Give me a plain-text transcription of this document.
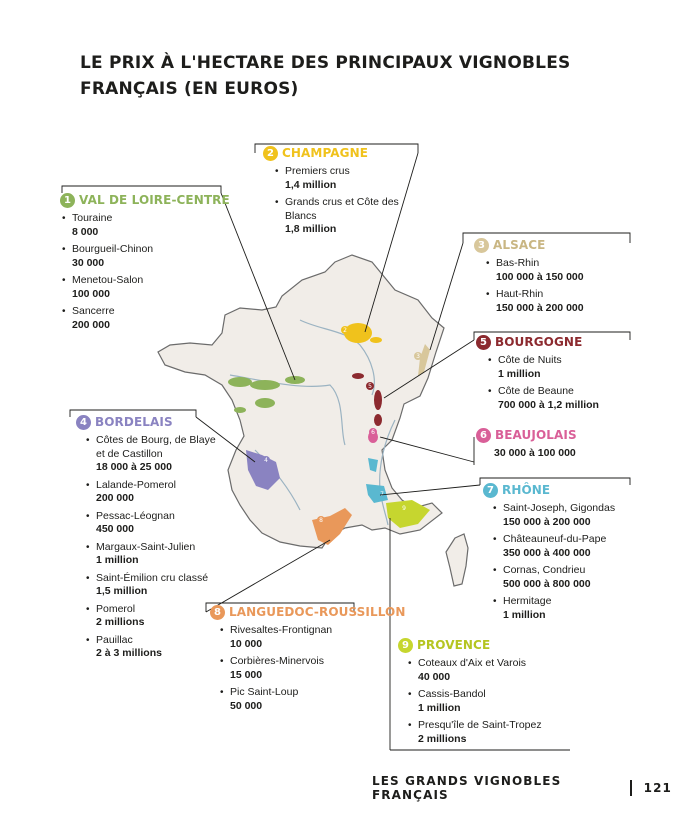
LE PRIX À L'HECTARE DES PRINCIPAUX VIGNOBLES
FRANÇAIS (EN EUROS)
2
3
5
6
4
7
9
8
1 VAL DE LOIRE-CENTRE
• Touraine
8 000
• Bourgueil-Chinon
30 000
• Menetou-Salon
100 000
• Sancerre
200 000
2 CHAMPAGNE
• Premiers crus
1,4 million
• Grands crus et Côte des Blancs
1,8 million
3 ALSACE
• Bas-Rhin
100 000 à 150 000
• Haut-Rhin
150 000 à 200 000
5 BOURGOGNE
• Côte de Nuits
1 million
• Côte de Beaune
700 000 à 1,2 million
6 BEAUJOLAIS
30 000 à 100 000
7 RHÔNE
• Saint-Joseph, Gigondas
150 000 à 200 000
• Châteauneuf-du-Pape
350 000 à 400 000
• Cornas, Condrieu
500 000 à 800 000
• Hermitage
1 million
4 BORDELAIS
• Côtes de Bourg, de Blaye et de Castillon
18 000 à 25 000
• Lalande-Pomerol
200 000
• Pessac-Léognan
450 000
• Margaux-Saint-Julien
1 million
• Saint-Émilion cru classé
1,5 million
• Pomerol
2 millions
• Pauillac
2 à 3 millions
8 LANGUEDOC-ROUSSILLON
• Rivesaltes-Frontignan
10 000
• Corbières-Minervois
15 000
• Pic Saint-Loup
50 000
9 PROVENCE
• Coteaux d'Aix et Varois
40 000
• Cassis-Bandol
1 million
• Presqu'île de Saint-Tropez
2 millions
LES GRANDS VIGNOBLES FRANÇAIS	121
